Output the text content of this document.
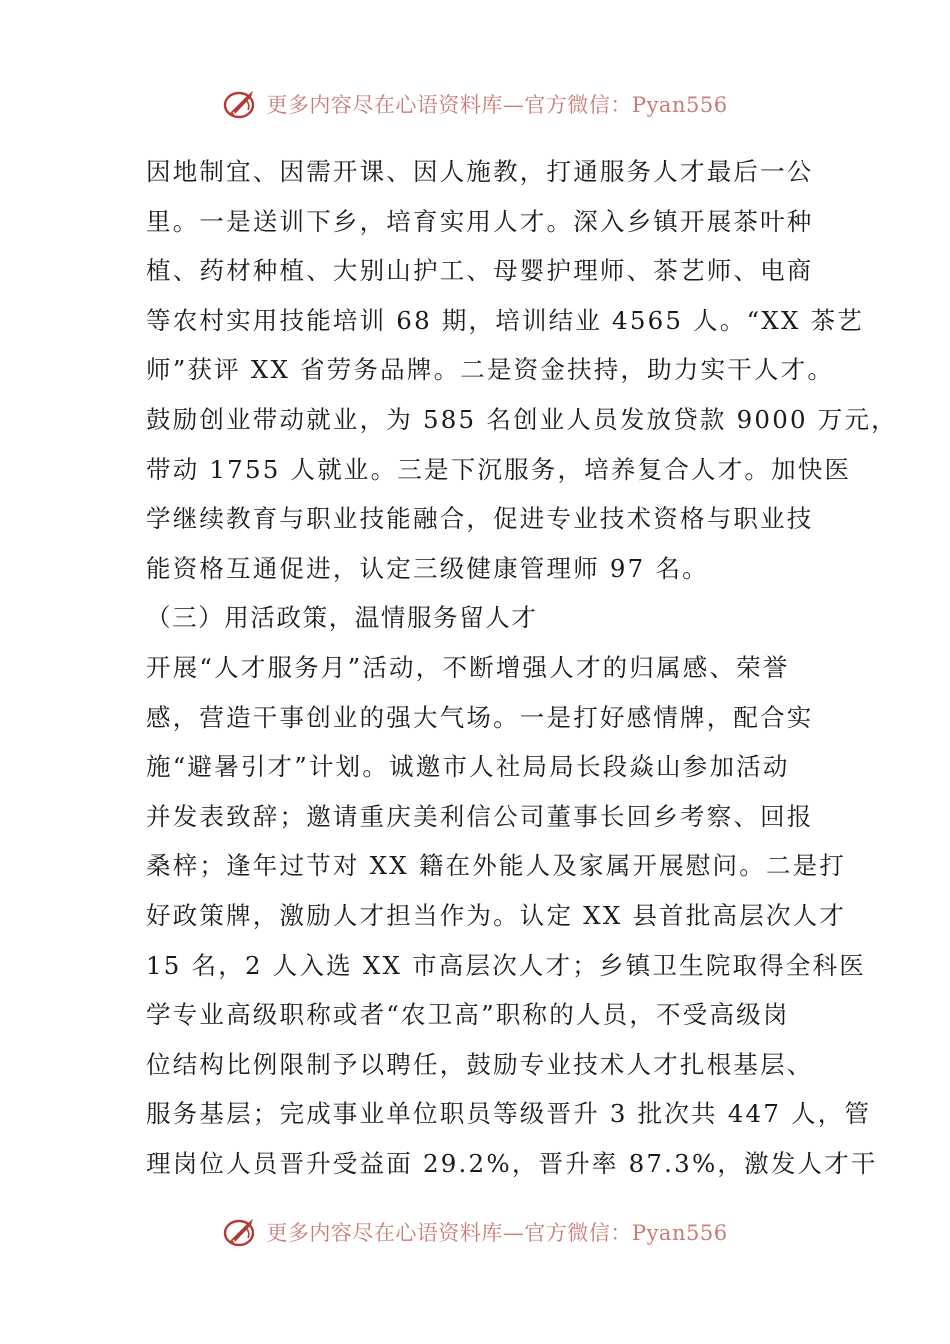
更多内容尽在心语资料库—官方微信：Pyan556
因地制宜、因需开课、因人施教，打通服务人才最后一公
里。一是送训下乡，培育实用人才。深入乡镇开展茶叶种
植、药材种植、大别山护工、母婴护理师、茶艺师、电商
等农村实用技能培训 68 期，培训结业 4565 人。“XX 茶艺
师”获评 XX 省劳务品牌。二是资金扶持，助力实干人才。
鼓励创业带动就业，为 585 名创业人员发放贷款 9000 万元，
带动 1755 人就业。三是下沉服务，培养复合人才。加快医
学继续教育与职业技能融合，促进专业技术资格与职业技
能资格互通促进，认定三级健康管理师 97 名。
（三）用活政策，温情服务留人才
开展“人才服务月”活动，不断增强人才的归属感、荣誉
感，营造干事创业的强大气场。一是打好感情牌，配合实
施“避暑引才”计划。诚邀市人社局局长段焱山参加活动
并发表致辞；邀请重庆美利信公司董事长回乡考察、回报
桑梓；逢年过节对 XX 籍在外能人及家属开展慰问。二是打
好政策牌，激励人才担当作为。认定 XX 县首批高层次人才
15 名，2 人入选 XX 市高层次人才；乡镇卫生院取得全科医
学专业高级职称或者“农卫高”职称的人员，不受高级岗
位结构比例限制予以聘任，鼓励专业技术人才扎根基层、
服务基层；完成事业单位职员等级晋升 3 批次共 447 人，管
理岗位人员晋升受益面 29.2%，晋升率 87.3%，激发人才干
更多内容尽在心语资料库—官方微信：Pyan556
